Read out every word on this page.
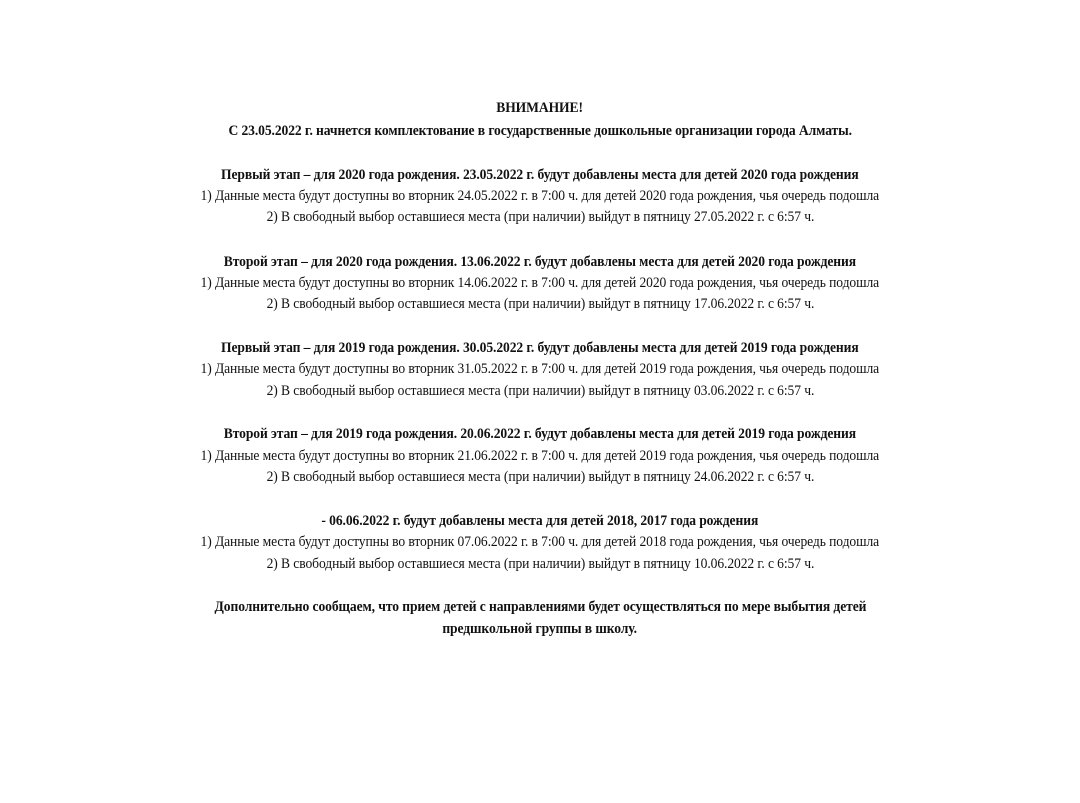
ВНИМАНИЕ!
С 23.05.2022 г. начнется комплектование в государственные дошкольные организации города Алматы.
Первый этап – для 2020 года рождения. 23.05.2022 г. будут добавлены места для детей 2020 года рождения
1) Данные места будут доступны во вторник 24.05.2022 г. в 7:00 ч. для детей 2020 года рождения, чья очередь подошла
2) В свободный выбор оставшиеся места (при наличии) выйдут в пятницу 27.05.2022 г. с 6:57 ч.
Второй этап – для 2020 года рождения. 13.06.2022 г. будут добавлены места для детей 2020 года рождения
1) Данные места будут доступны во вторник 14.06.2022 г. в 7:00 ч. для детей 2020 года рождения, чья очередь подошла
2) В свободный выбор оставшиеся места (при наличии) выйдут в пятницу 17.06.2022 г. с 6:57 ч.
Первый этап – для 2019 года рождения. 30.05.2022 г. будут добавлены места для детей 2019 года рождения
1) Данные места будут доступны во вторник 31.05.2022 г. в 7:00 ч. для детей 2019 года рождения, чья очередь подошла
2) В свободный выбор оставшиеся места (при наличии) выйдут в пятницу 03.06.2022 г. с 6:57 ч.
Второй этап – для 2019 года рождения. 20.06.2022 г. будут добавлены места для детей 2019 года рождения
1) Данные места будут доступны во вторник 21.06.2022 г. в 7:00 ч. для детей 2019 года рождения, чья очередь подошла
2) В свободный выбор оставшиеся места (при наличии) выйдут в пятницу 24.06.2022 г. с 6:57 ч.
- 06.06.2022 г. будут добавлены места для детей 2018, 2017 года рождения
1) Данные места будут доступны во вторник 07.06.2022 г. в 7:00 ч. для детей 2018 года рождения, чья очередь подошла
2) В свободный выбор оставшиеся места (при наличии) выйдут в пятницу 10.06.2022 г. с 6:57 ч.
Дополнительно сообщаем, что прием детей с направлениями будет осуществляться по мере выбытия детей
предшкольной группы в школу.
